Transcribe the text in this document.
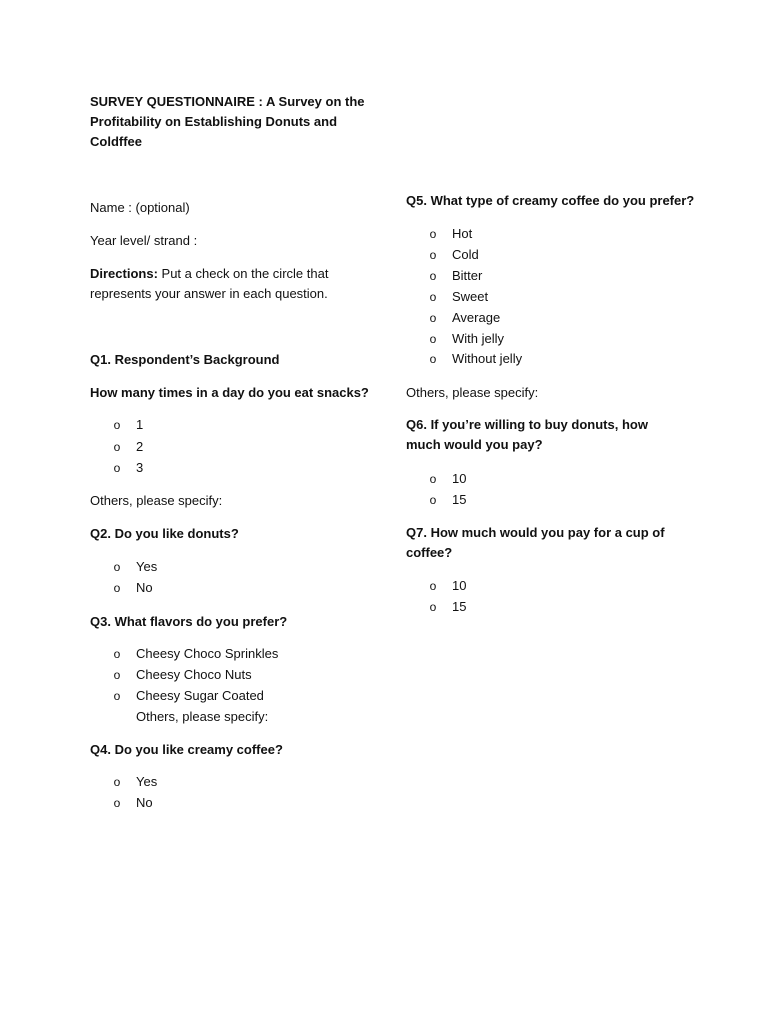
SURVEY QUESTIONNAIRE : A Survey on the Profitability on Establishing Donuts and Coldffee
Name : (optional)
Year level/ strand :
Directions: Put a check on the circle that represents your answer in each question.
Q1. Respondent’s Background
How many times in a day do you eat snacks?
o 1
o 2
o 3
Others, please specify:
Q2. Do you like donuts?
o Yes
o No
Q3. What flavors do you prefer?
o Cheesy Choco Sprinkles
o Cheesy Choco Nuts
o Cheesy Sugar Coated
Others, please specify:
Q4. Do you like creamy coffee?
o Yes
o No
Q5. What type of creamy coffee do you prefer?
o Hot
o Cold
o Bitter
o Sweet
o Average
o With jelly
o Without jelly
Others, please specify:
Q6. If you’re willing to buy donuts, how much would you pay?
o 10
o 15
Q7. How much would you pay for a cup of coffee?
o 10
o 15
